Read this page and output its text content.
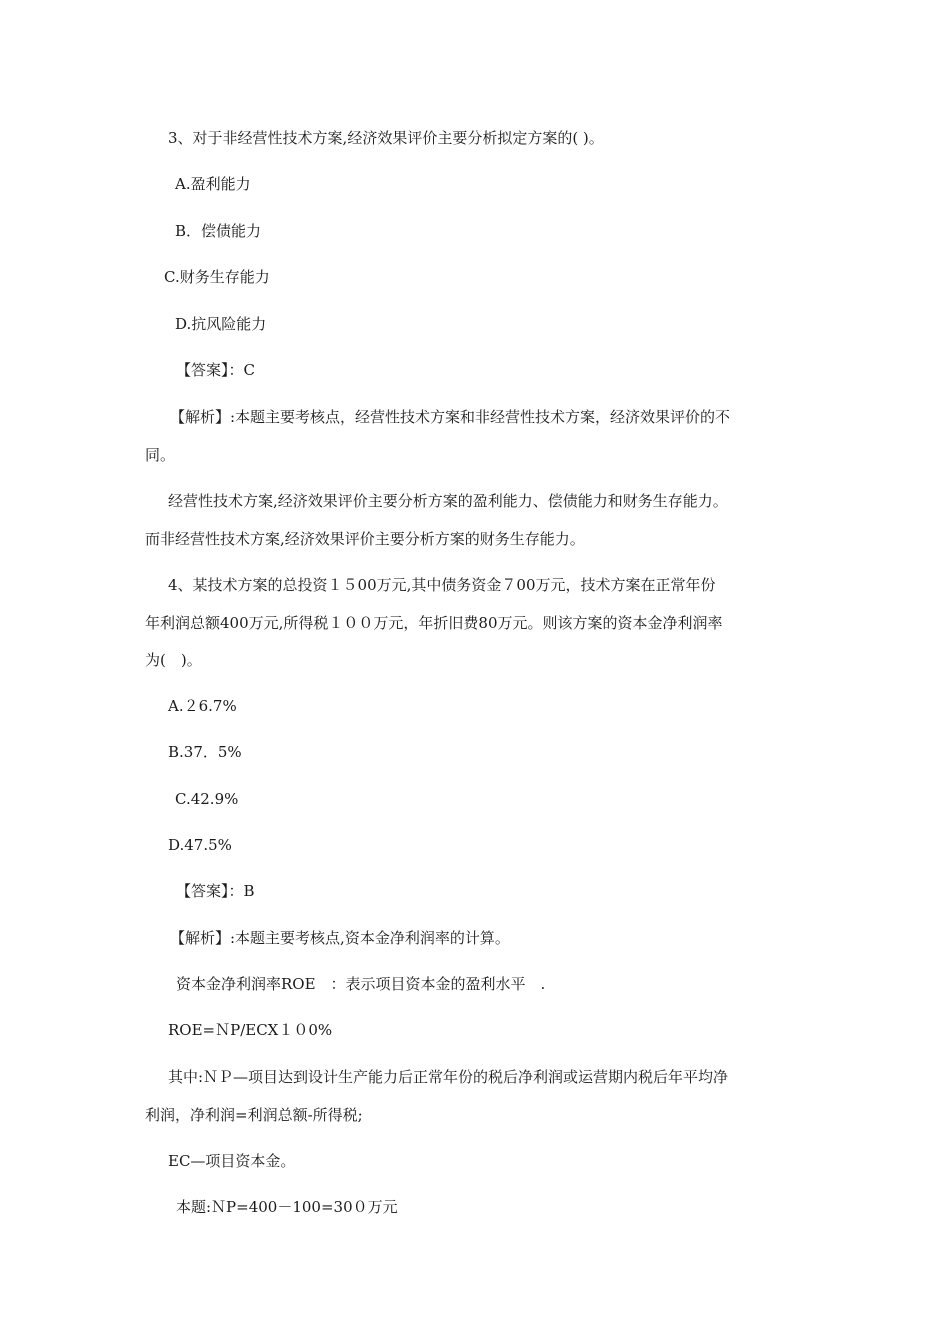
3、对于非经营性技术方案,经济效果评价主要分析拟定方案的( )。
A.盈利能力
B．偿债能力
C.财务生存能力
D.抗风险能力
【答案】：C
【解析】:本题主要考核点，经营性技术方案和非经营性技术方案，经济效果评价的不
同。
经营性技术方案,经济效果评价主要分析方案的盈利能力、偿债能力和财务生存能力。
而非经营性技术方案,经济效果评价主要分析方案的财务生存能力。
4、某技术方案的总投资１５00万元,其中债务资金７00万元，技术方案在正常年份
年利润总额400万元,所得税１００万元，年折旧费80万元。则该方案的资本金净利润率
为(　)。
A.２6.7%
B.37．5%
C.42.9%
D.47.5%
【答案】：B
【解析】:本题主要考核点,资本金净利润率的计算。
资本金净利润率ROE　：表示项目资本金的盈利水平　.
ROE=ＮP/ECⅩ１０0%
其中:ＮＰ—项目达到设计生产能力后正常年份的税后净利润或运营期内税后年平均净
利润，净利润=利润总额-所得税;
EC—项目资本金。
本题:ＮP=400－100=30０万元
